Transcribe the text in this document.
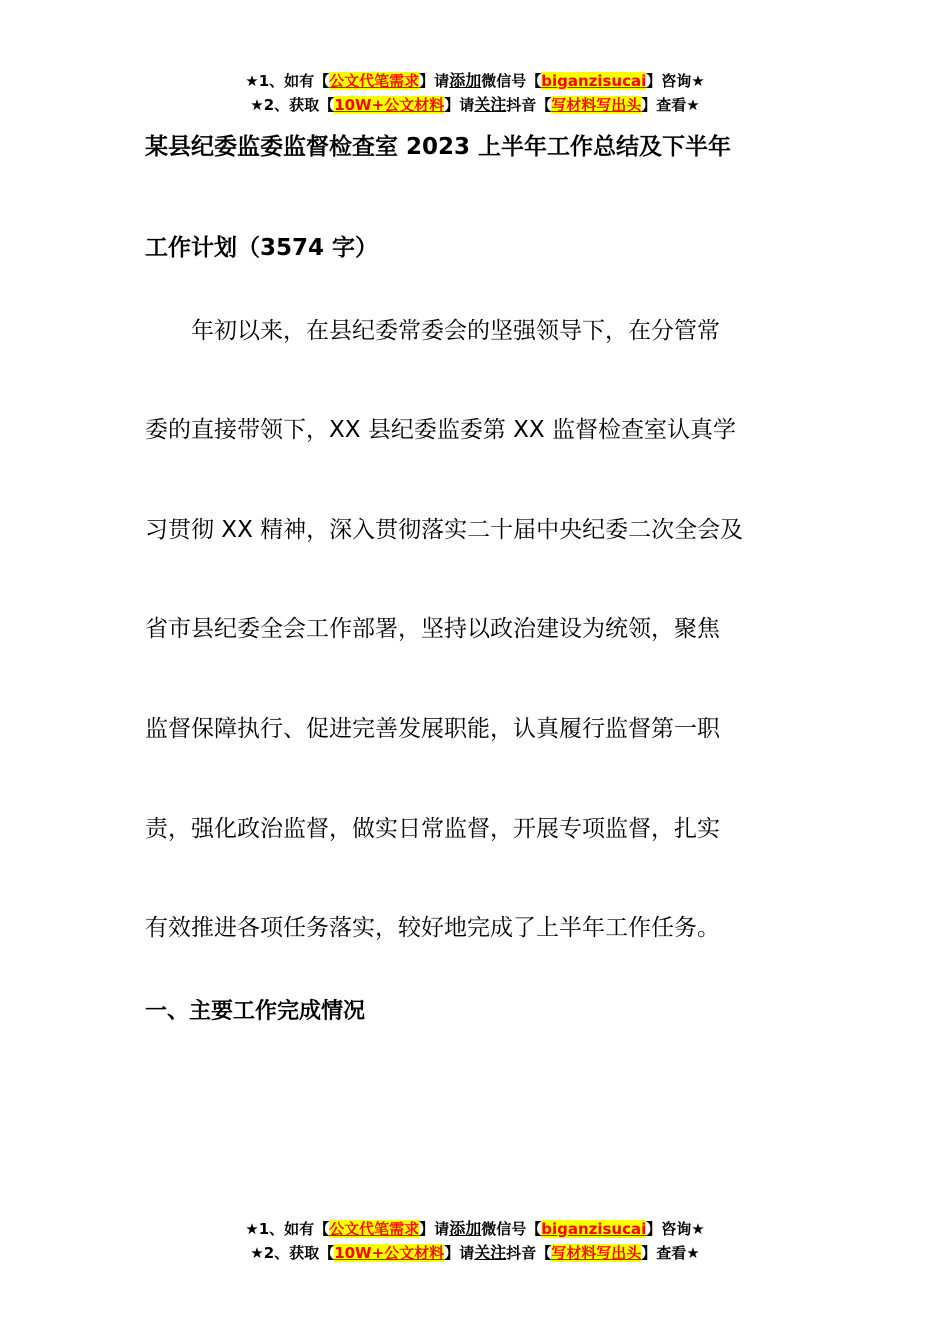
★1、如有【公文代笔需求】请添加微信号【biganzisucai】咨询★
★2、获取【10W+公文材料】请关注抖音【写材料写出头】查看★
某县纪委监委监督检查室 2023 上半年工作总结及下半年
工作计划（3574 字）
　　年初以来，在县纪委常委会的坚强领导下，在分管常
委的直接带领下，XX 县纪委监委第 XX 监督检查室认真学
习贯彻 XX 精神，深入贯彻落实二十届中央纪委二次全会及
省市县纪委全会工作部署，坚持以政治建设为统领，聚焦
监督保障执行、促进完善发展职能，认真履行监督第一职
责，强化政治监督，做实日常监督，开展专项监督，扎实
有效推进各项任务落实，较好地完成了上半年工作任务。
一、主要工作完成情况
★1、如有【公文代笔需求】请添加微信号【biganzisucai】咨询★
★2、获取【10W+公文材料】请关注抖音【写材料写出头】查看★
